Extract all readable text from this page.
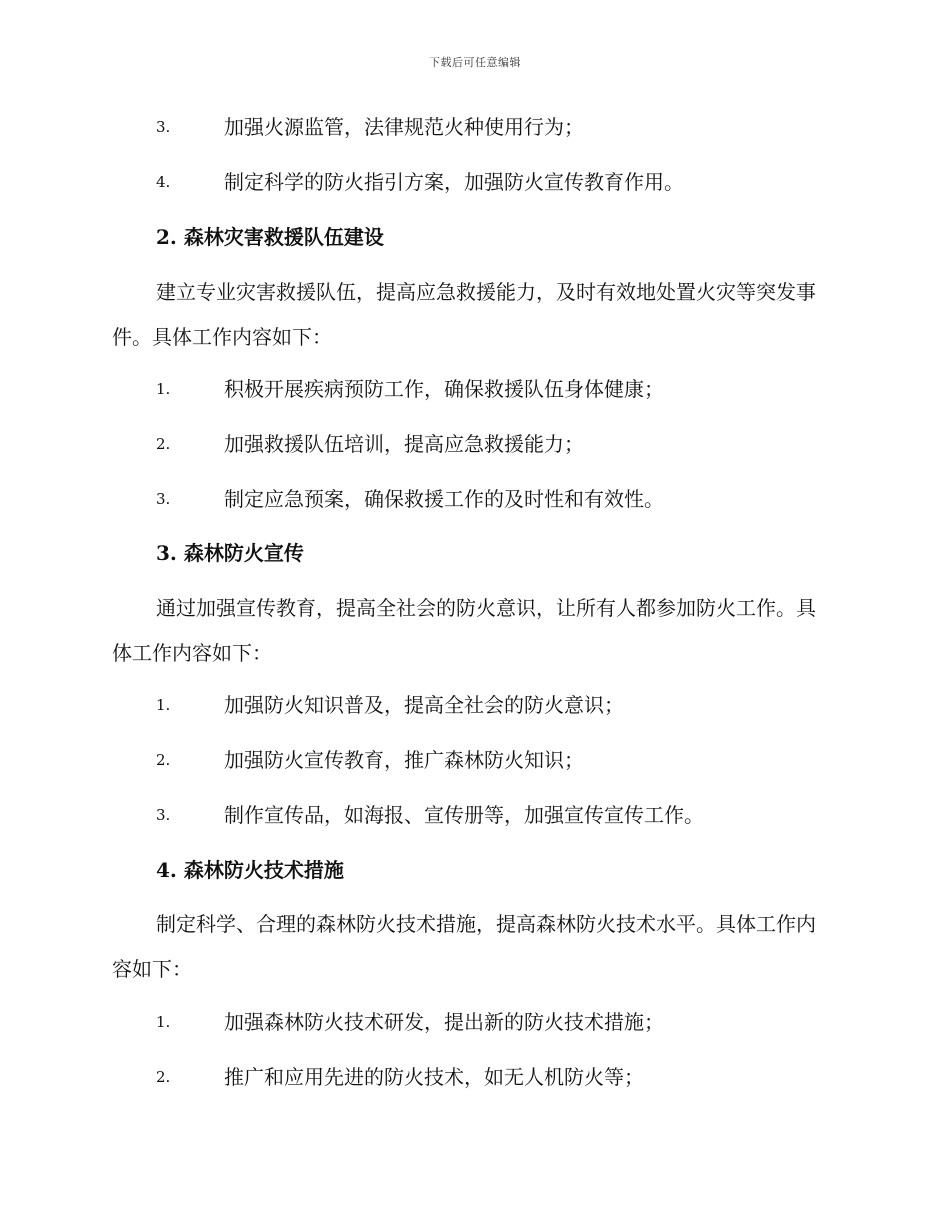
下载后可任意编辑
3.	加强火源监管，法律规范火种使用行为；
4.	制定科学的防火指引方案，加强防火宣传教育作用。
2. 森林灾害救援队伍建设

建立专业灾害救援队伍，提高应急救援能力，及时有效地处置火灾等突发事件。具体工作内容如下：

1.	积极开展疾病预防工作，确保救援队伍身体健康；
2.	加强救援队伍培训，提高应急救援能力；
3.	制定应急预案，确保救援工作的及时性和有效性。
3. 森林防火宣传

通过加强宣传教育，提高全社会的防火意识，让所有人都参加防火工作。具体工作内容如下：

1.	加强防火知识普及，提高全社会的防火意识；
2.	加强防火宣传教育，推广森林防火知识；
3.	制作宣传品，如海报、宣传册等，加强宣传宣传工作。
4. 森林防火技术措施

制定科学、合理的森林防火技术措施，提高森林防火技术水平。具体工作内容如下：

1.	加强森林防火技术研发，提出新的防火技术措施；
2.	推广和应用先进的防火技术，如无人机防火等；
